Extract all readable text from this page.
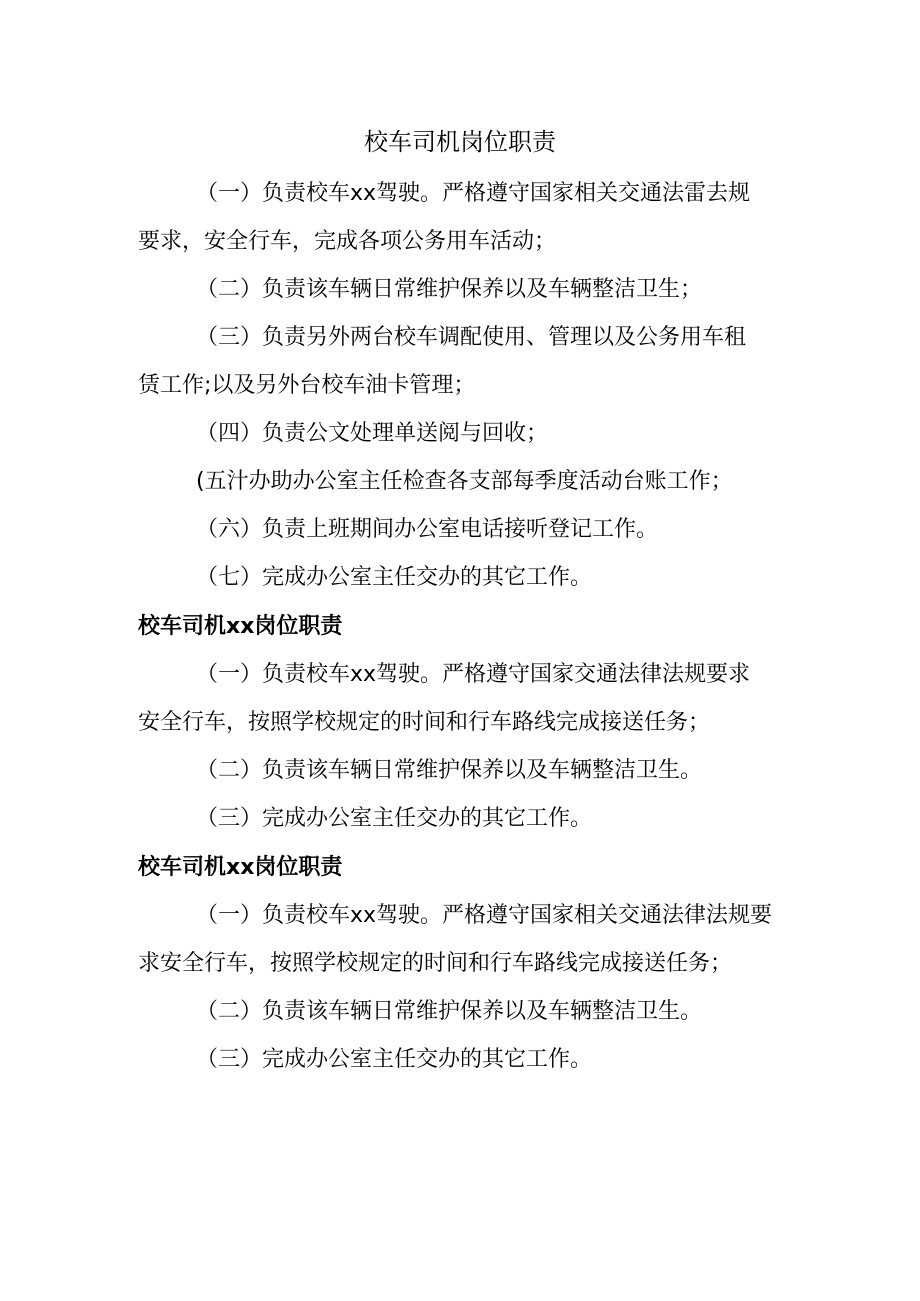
校车司机岗位职责
（一）负责校车xx驾驶。严格遵守国家相关交通法雷去规
要求，安全行车，完成各项公务用车活动；
（二）负责该车辆日常维护保养以及车辆整洁卫生；
（三）负责另外两台校车调配使用、管理以及公务用车租
赁工作;以及另外台校车油卡管理；
（四）负责公文处理单送阅与回收；
(五汁办助办公室主任检查各支部每季度活动台账工作；
（六）负责上班期间办公室电话接听登记工作。
（七）完成办公室主任交办的其它工作。
校车司机xx岗位职责
（一）负责校车xx驾驶。严格遵守国家交通法律法规要求
安全行车，按照学校规定的时间和行车路线完成接送任务；
（二）负责该车辆日常维护保养以及车辆整洁卫生。
（三）完成办公室主任交办的其它工作。
校车司机xx岗位职责
（一）负责校车xx驾驶。严格遵守国家相关交通法律法规要
求安全行车，按照学校规定的时间和行车路线完成接送任务；
（二）负责该车辆日常维护保养以及车辆整洁卫生。
（三）完成办公室主任交办的其它工作。
